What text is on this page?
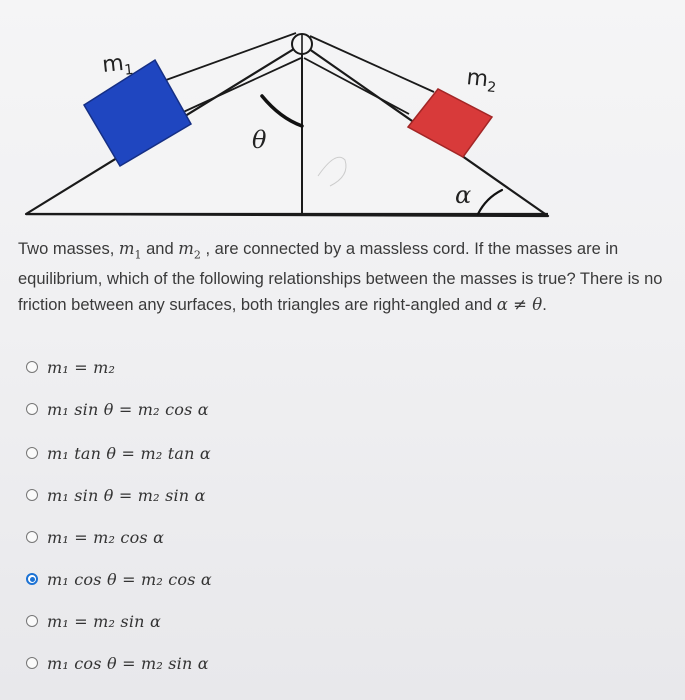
$m_1$	$m_2$
θ
α

Two masses, $m_1$ and $m_2$ , are connected by a massless cord. If the masses are in equilibrium, which of the following relationships between the masses is true? There is no friction between any surfaces, both triangles are right-angled and α ≠ θ.

m₁ = m₂
m₁ sin θ = m₂ cos α
m₁ tan θ = m₂ tan α
m₁ sin θ = m₂ sin α
m₁ = m₂ cos α
m₁ cos θ = m₂ cos α
m₁ = m₂ sin α
m₁ cos θ = m₂ sin α
